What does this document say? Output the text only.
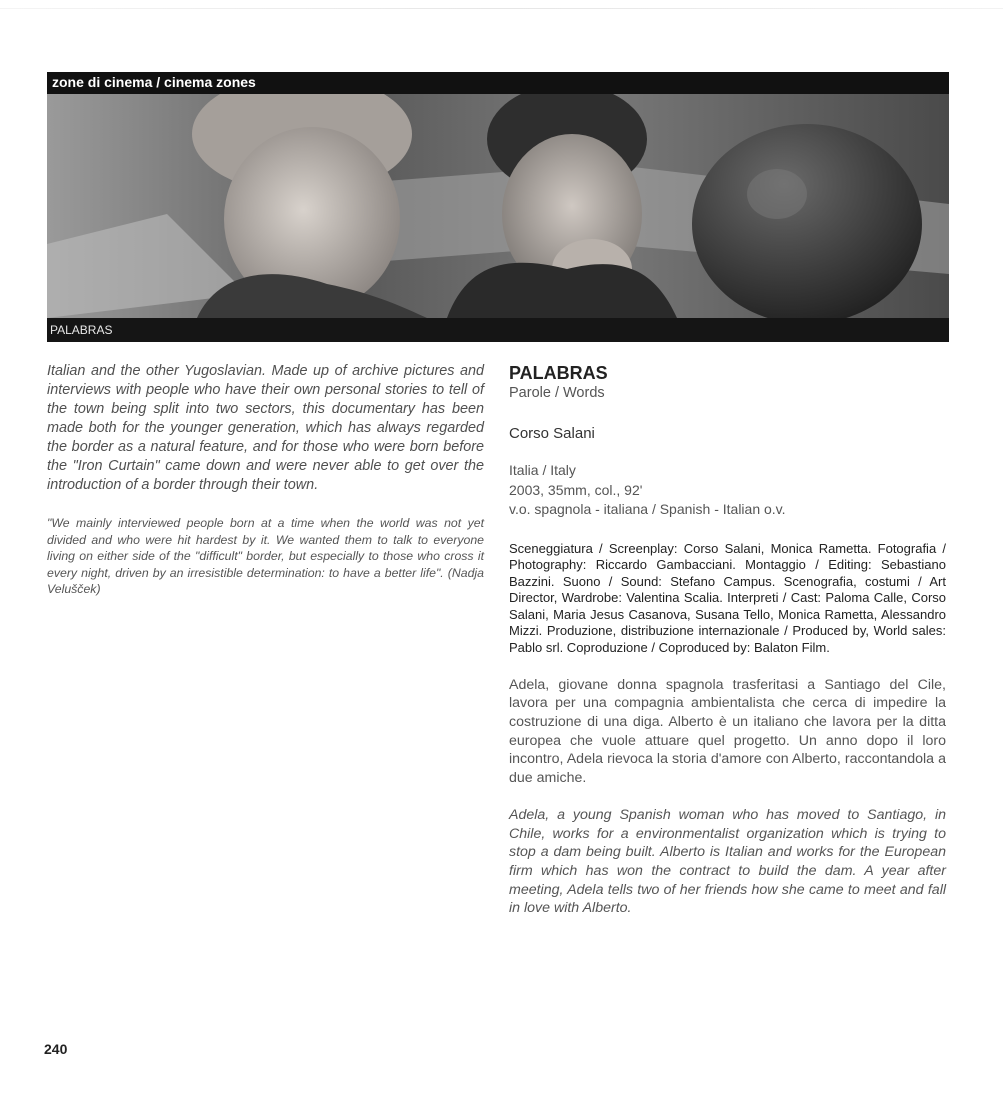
zone di cinema / cinema zones
PALABRAS

Italian and the other Yugoslavian. Made up of archive pictures and interviews with people who have their own personal stories to tell of the town being split into two sectors, this documentary has been made both for the younger generation, which has always regarded the border as a natural feature, and for those who were born before the "Iron Curtain" came down and were never able to get over the introduction of a border through their town.

"We mainly interviewed people born at a time when the world was not yet divided and who were hit hardest by it. We wanted them to talk to everyone living on either side of the "difficult" border, but especially to those who cross it every night, driven by an irresistible determination: to have a better life". (Nadja Velušček)

PALABRAS
Parole / Words
Corso Salani
Italia / Italy
2003, 35mm, col., 92'
v.o. spagnola - italiana / Spanish - Italian o.v.

Sceneggiatura / Screenplay: Corso Salani, Monica Rametta. Fotografia / Photography: Riccardo Gambacciani. Montaggio / Editing: Sebastiano Bazzini. Suono / Sound: Stefano Campus. Scenografia, costumi / Art Director, Wardrobe: Valentina Scalia. Interpreti / Cast: Paloma Calle, Corso Salani, Maria Jesus Casanova, Susana Tello, Monica Rametta, Alessandro Mizzi. Produzione, distribuzione internazionale / Produced by, World sales: Pablo srl. Coproduzione / Coproduced by: Balaton Film.

Adela, giovane donna spagnola trasferitasi a Santiago del Cile, lavora per una compagnia ambientalista che cerca di impedire la costruzione di una diga. Alberto è un italiano che lavora per la ditta europea che vuole attuare quel progetto. Un anno dopo il loro incontro, Adela rievoca la storia d'amore con Alberto, raccontandola a due amiche.

Adela, a young Spanish woman who has moved to Santiago, in Chile, works for a environmentalist organization which is trying to stop a dam being built. Alberto is Italian and works for the European firm which has won the contract to build the dam. A year after meeting, Adela tells two of her friends how she came to meet and fall in love with Alberto.

240
